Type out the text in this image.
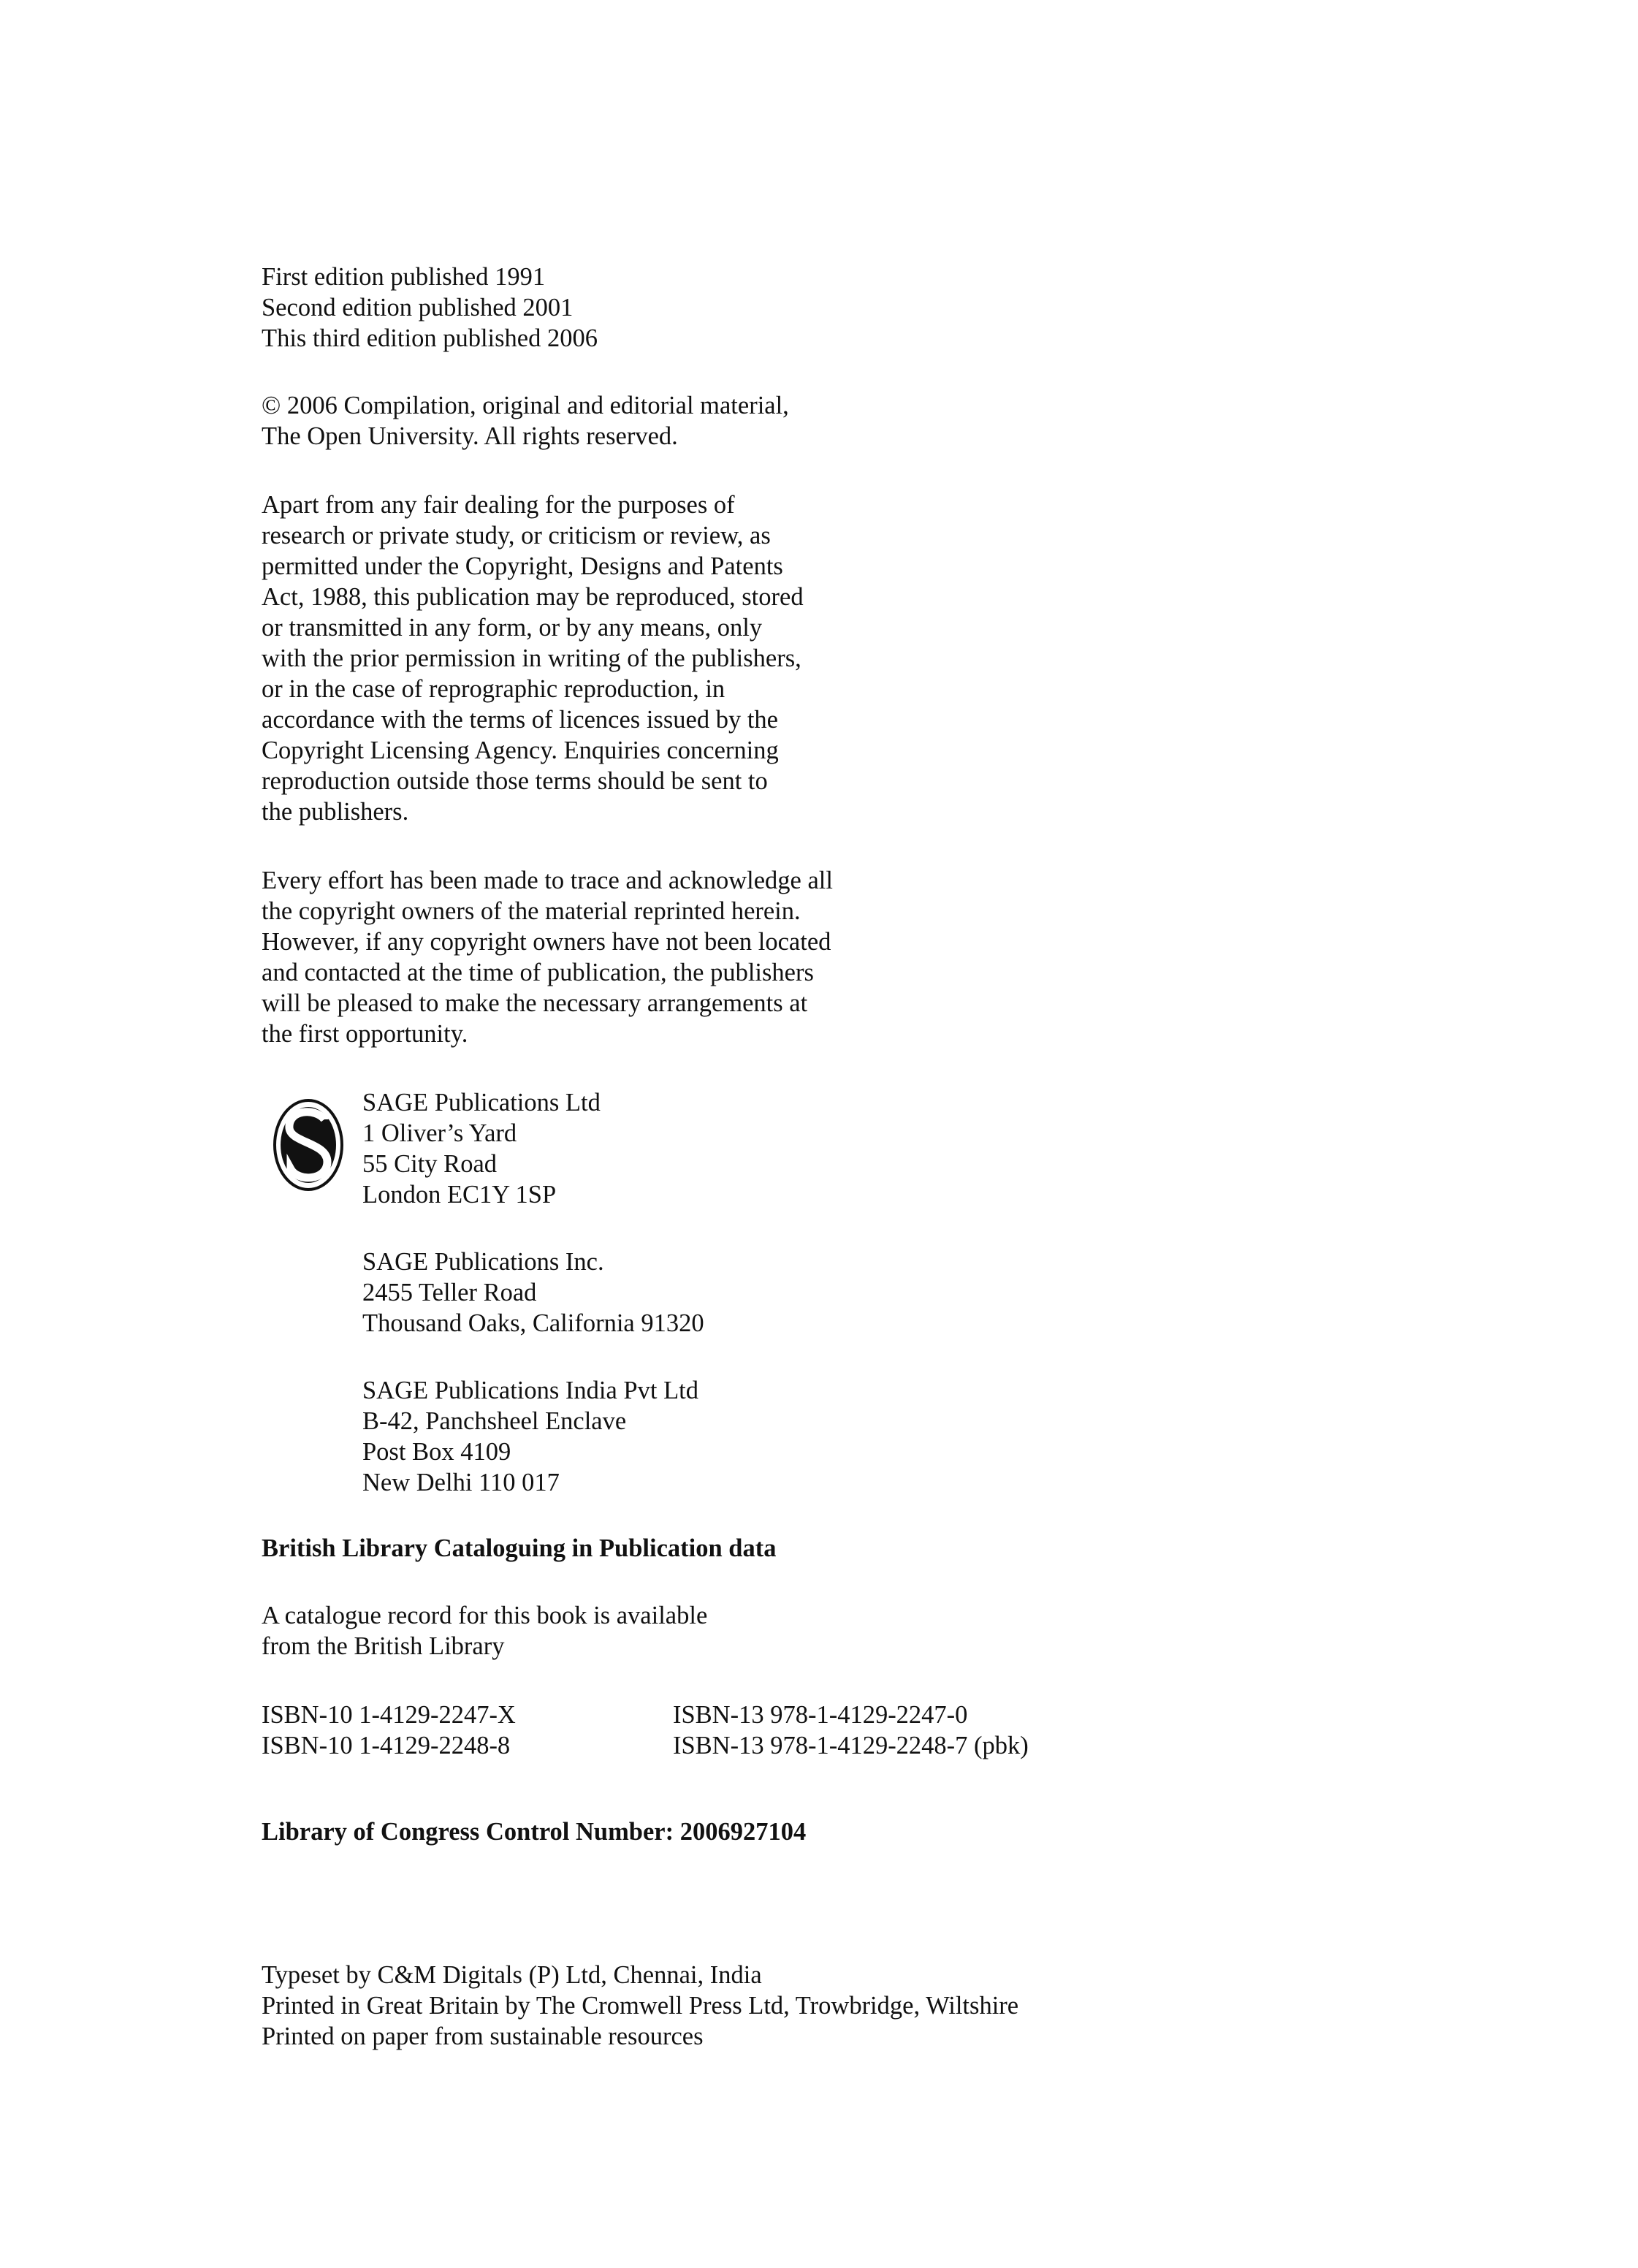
First edition published 1991
Second edition published 2001
This third edition published 2006
© 2006 Compilation, original and editorial material,
The Open University. All rights reserved.
Apart from any fair dealing for the purposes of
research or private study, or criticism or review, as
permitted under the Copyright, Designs and Patents
Act, 1988, this publication may be reproduced, stored
or transmitted in any form, or by any means, only
with the prior permission in writing of the publishers,
or in the case of reprographic reproduction, in
accordance with the terms of licences issued by the
Copyright Licensing Agency. Enquiries concerning
reproduction outside those terms should be sent to
the publishers.
Every effort has been made to trace and acknowledge all
the copyright owners of the material reprinted herein.
However, if any copyright owners have not been located
and contacted at the time of publication, the publishers
will be pleased to make the necessary arrangements at
the first opportunity.
SAGE Publications Ltd
1 Oliver’s Yard
55 City Road
London EC1Y 1SP
SAGE Publications Inc.
2455 Teller Road
Thousand Oaks, California 91320
SAGE Publications India Pvt Ltd
B-42, Panchsheel Enclave
Post Box 4109
New Delhi 110 017
British Library Cataloguing in Publication data
A catalogue record for this book is available
from the British Library
ISBN-10 1-4129-2247-X
ISBN-10 1-4129-2248-8
ISBN-13 978-1-4129-2247-0
ISBN-13 978-1-4129-2248-7 (pbk)
Library of Congress Control Number: 2006927104
Typeset by C&M Digitals (P) Ltd, Chennai, India
Printed in Great Britain by The Cromwell Press Ltd, Trowbridge, Wiltshire
Printed on paper from sustainable resources
